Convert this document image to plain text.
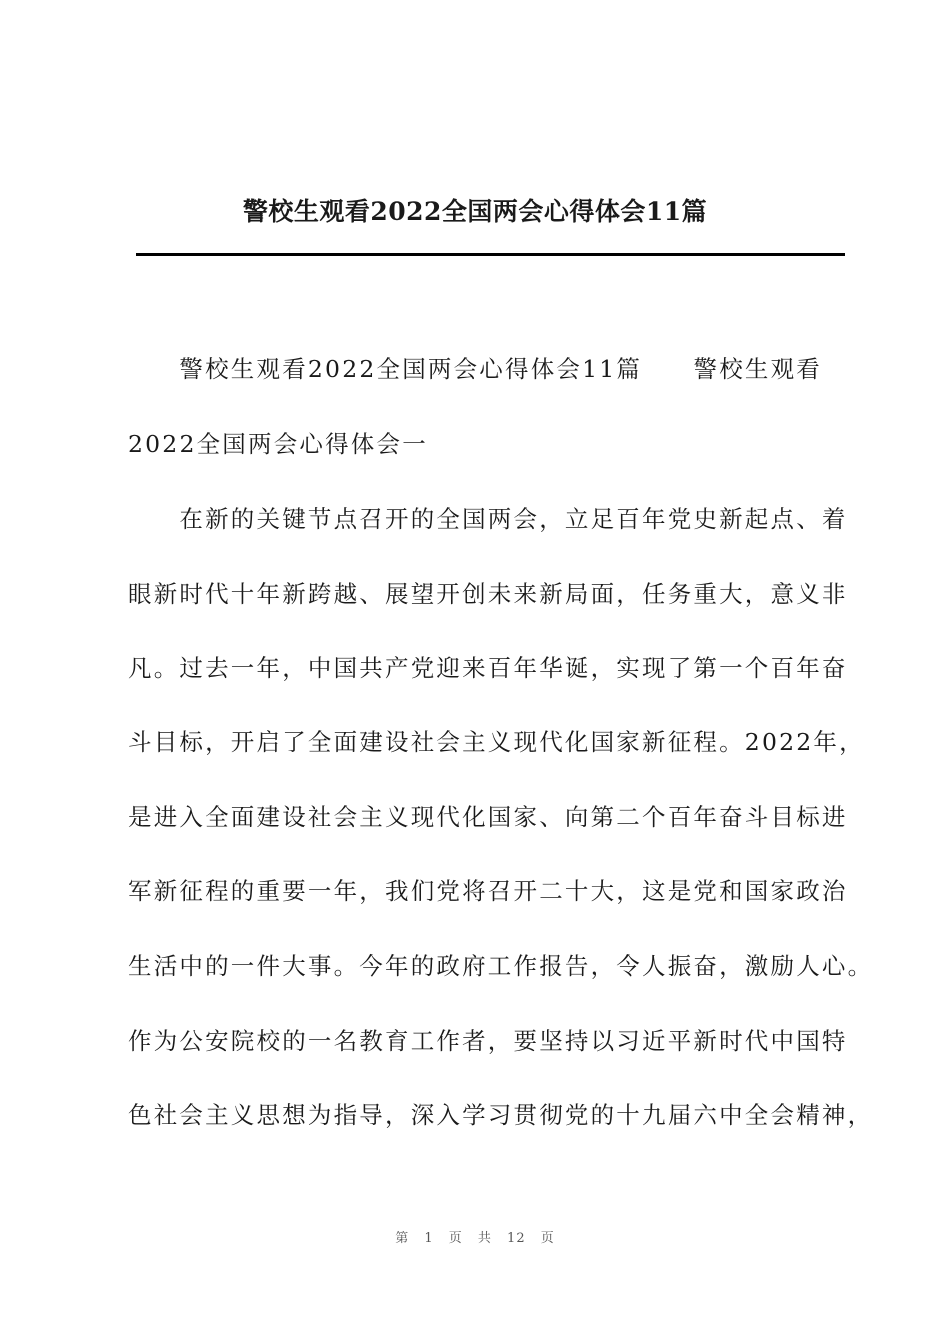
警校生观看2022全国两会心得体会11篇
　　警校生观看2022全国两会心得体会11篇　　警校生观看
2022全国两会心得体会一
　　在新的关键节点召开的全国两会，立足百年党史新起点、着
眼新时代十年新跨越、展望开创未来新局面，任务重大，意义非
凡。过去一年，中国共产党迎来百年华诞，实现了第一个百年奋
斗目标，开启了全面建设社会主义现代化国家新征程。2022年，
是进入全面建设社会主义现代化国家、向第二个百年奋斗目标进
军新征程的重要一年，我们党将召开二十大，这是党和国家政治
生活中的一件大事。今年的政府工作报告，令人振奋，激励人心。
作为公安院校的一名教育工作者，要坚持以习近平新时代中国特
色社会主义思想为指导，深入学习贯彻党的十九届六中全会精神，
第 1 页 共 12 页
